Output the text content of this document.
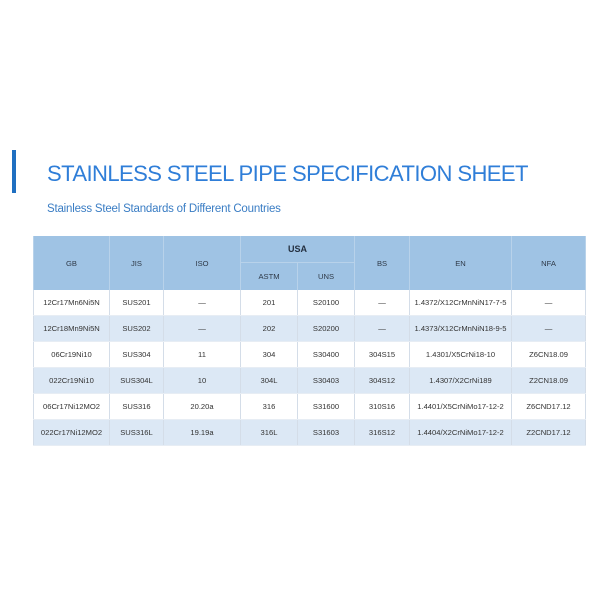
STAINLESS STEEL PIPE SPECIFICATION SHEET
Stainless Steel Standards of Different Countries
GB	JIS	ISO	USA		BS	EN	NFA
			ASTM	UNS			
12Cr17Mn6Ni5N	SUS201	—	201	S20100	—	1.4372/X12CrMnNiN17-7-5	—
12Cr18Mn9Ni5N	SUS202	—	202	S20200	—	1.4373/X12CrMnNiN18-9-5	—
06Cr19Ni10	SUS304	11	304	S30400	304S15	1.4301/X5CrNi18-10	Z6CN18.09
022Cr19Ni10	SUS304L	10	304L	S30403	304S12	1.4307/X2CrNi189	Z2CN18.09
06Cr17Ni12MO2	SUS316	20.20a	316	S31600	310S16	1.4401/X5CrNiMo17-12-2	Z6CND17.12
022Cr17Ni12MO2	SUS316L	19.19a	316L	S31603	316S12	1.4404/X2CrNiMo17-12-2	Z2CND17.12
